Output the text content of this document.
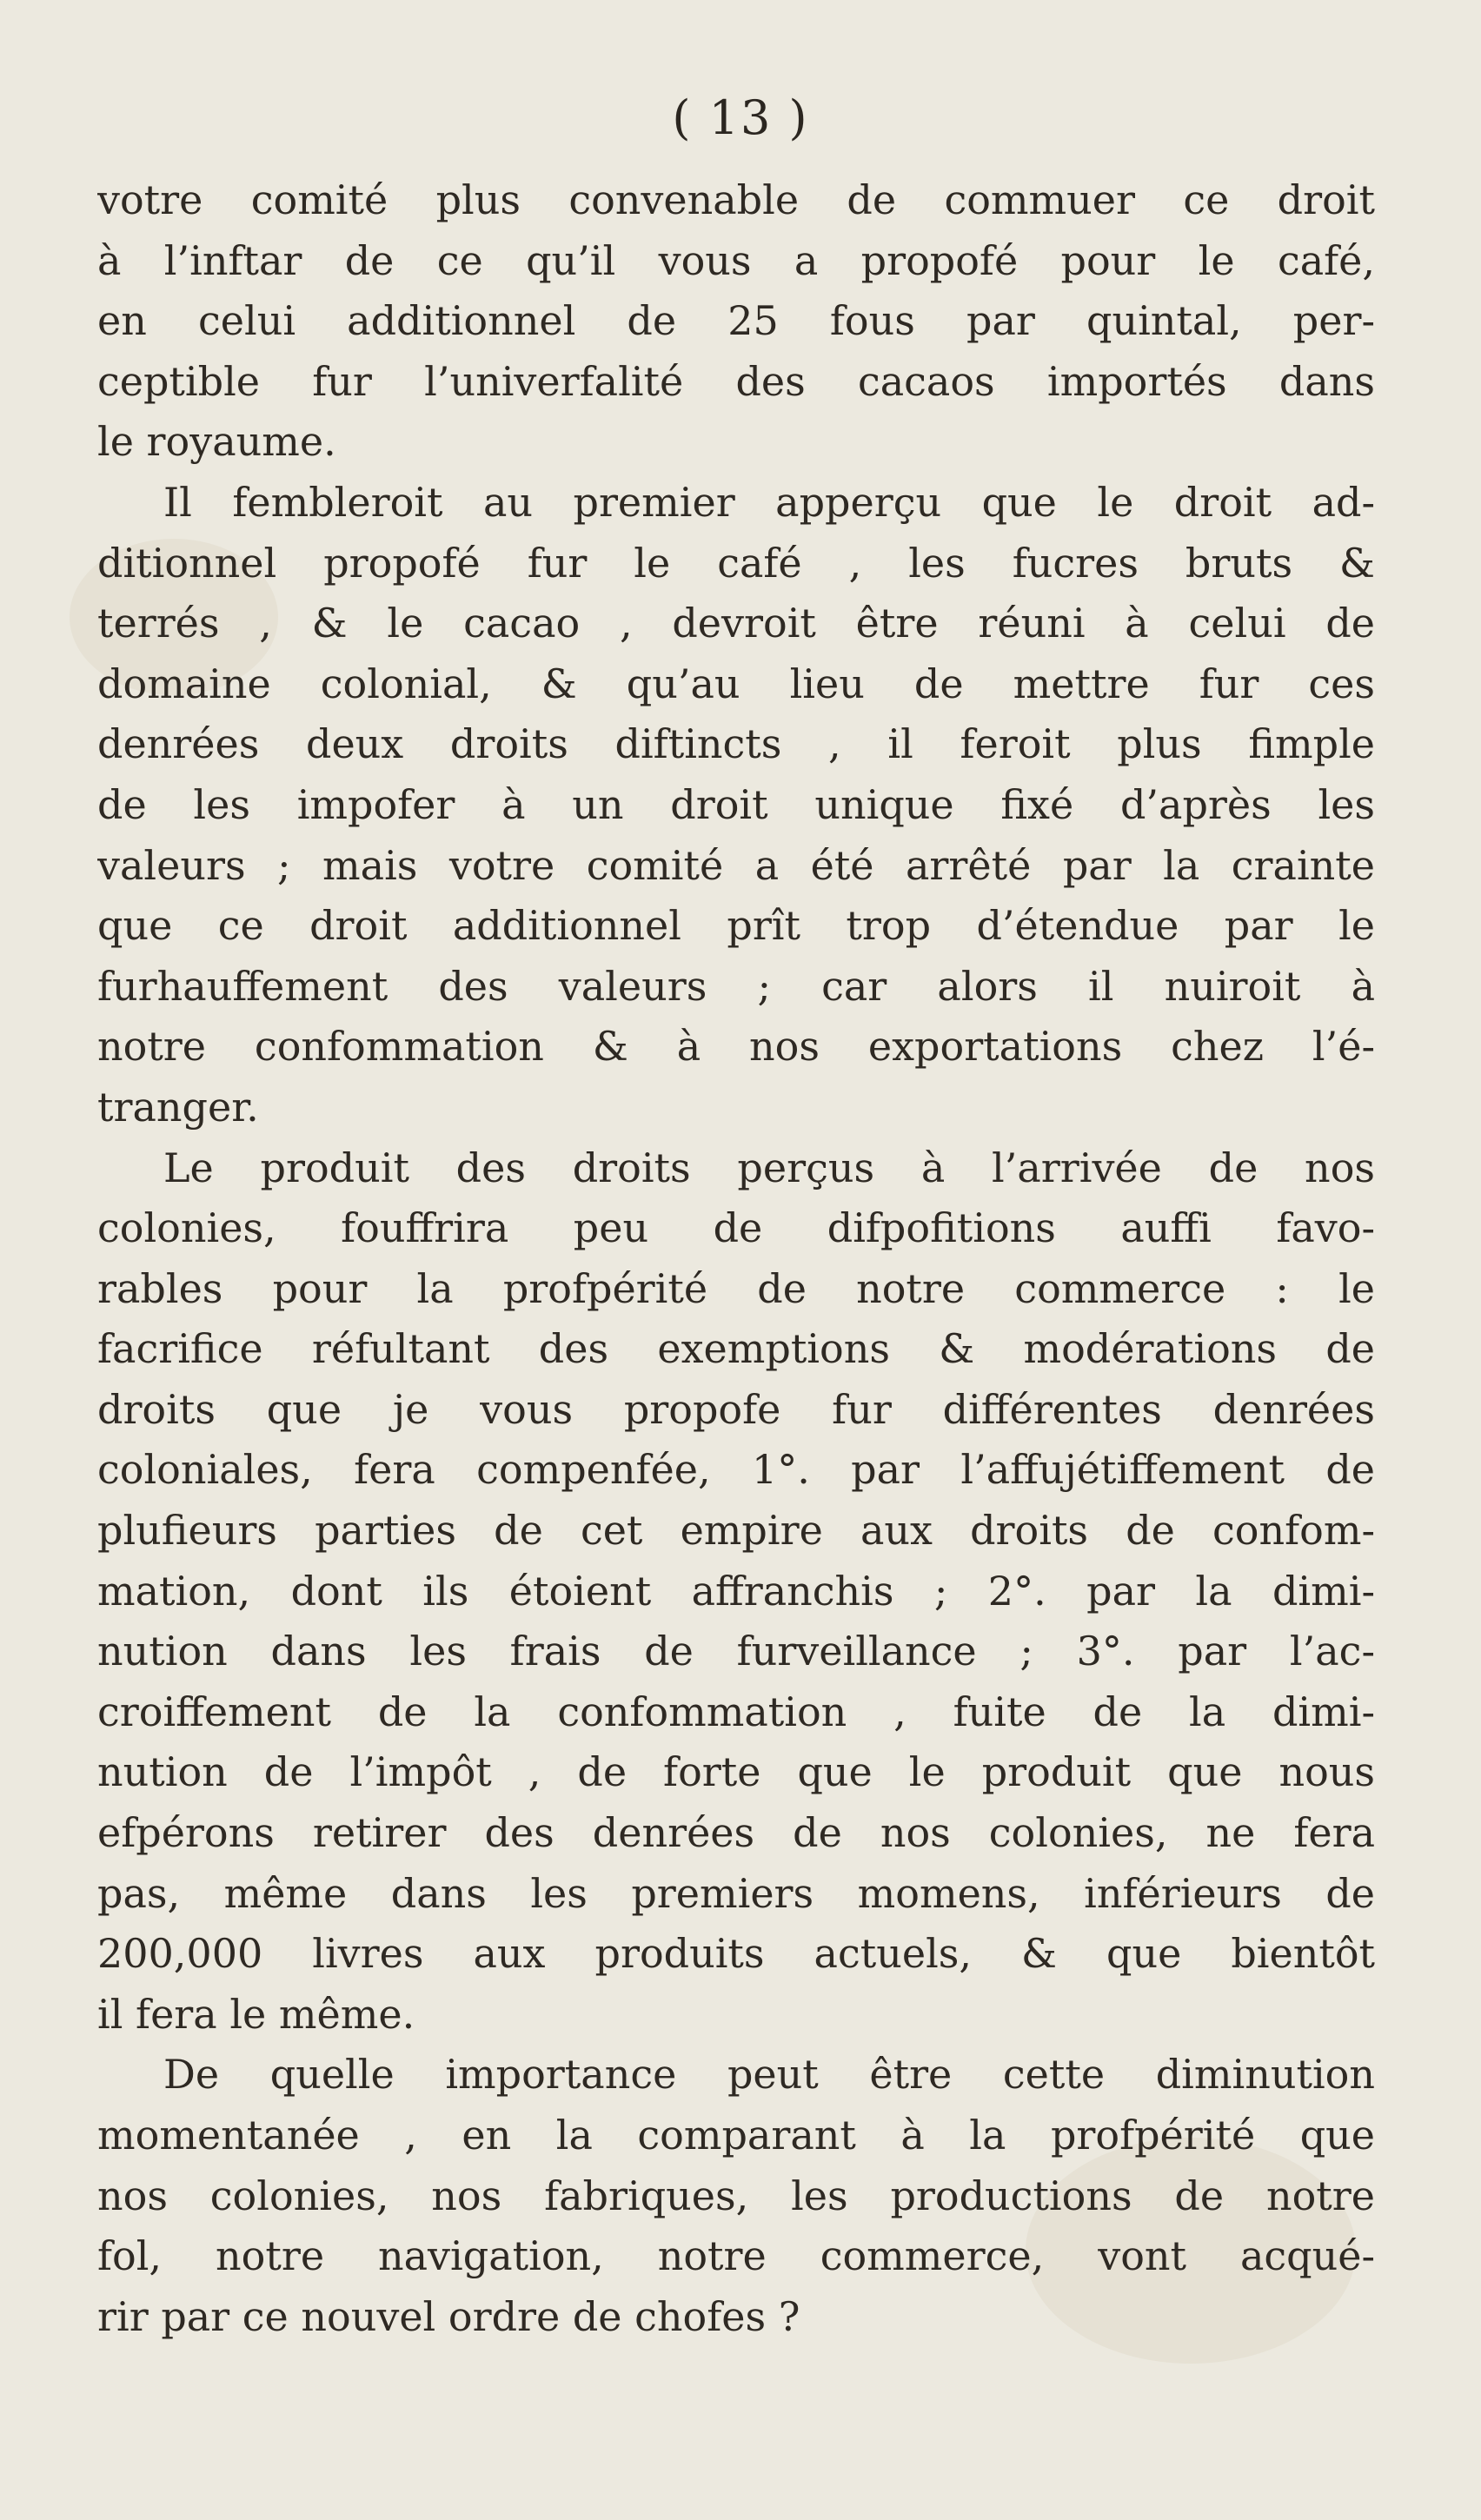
( 13 )
votre comité plus convenable de commuer ce droit
à l’inftar de ce qu’il vous a propofé pour le café,
en celui additionnel de 25 fous par quintal, per-
ceptible fur l’univerfalité des cacaos importés dans
le royaume.
Il fembleroit au premier apperçu que le droit ad-
ditionnel propofé fur le café , les fucres bruts &
terrés , & le cacao , devroit être réuni à celui de
domaine colonial, & qu’au lieu de mettre fur ces
denrées deux droits diftincts , il feroit plus fimple
de les impofer à un droit unique fixé d’après les
valeurs ; mais votre comité a été arrêté par la crainte
que ce droit additionnel prît trop d’étendue par le
furhauffement des valeurs ; car alors il nuiroit à
notre confommation & à nos exportations chez l’é-
tranger.
Le produit des droits perçus à l’arrivée de nos
colonies, fouffrira peu de difpofitions auffi favo-
rables pour la profpérité de notre commerce : le
facrifice réfultant des exemptions & modérations de
droits que je vous propofe fur différentes denrées
coloniales, fera compenfée, 1°. par l’affujétiffement de
plufieurs parties de cet empire aux droits de confom-
mation, dont ils étoient affranchis ; 2°. par la dimi-
nution dans les frais de furveillance ; 3°. par l’ac-
croiffement de la confommation , fuite de la dimi-
nution de l’impôt , de forte que le produit que nous
efpérons retirer des denrées de nos colonies, ne fera
pas, même dans les premiers momens, inférieurs de
200,000 livres aux produits actuels, & que bientôt
il fera le même.
De quelle importance peut être cette diminution
momentanée , en la comparant à la profpérité que
nos colonies, nos fabriques, les productions de notre
fol, notre navigation, notre commerce, vont acqué-
rir par ce nouvel ordre de chofes ?
